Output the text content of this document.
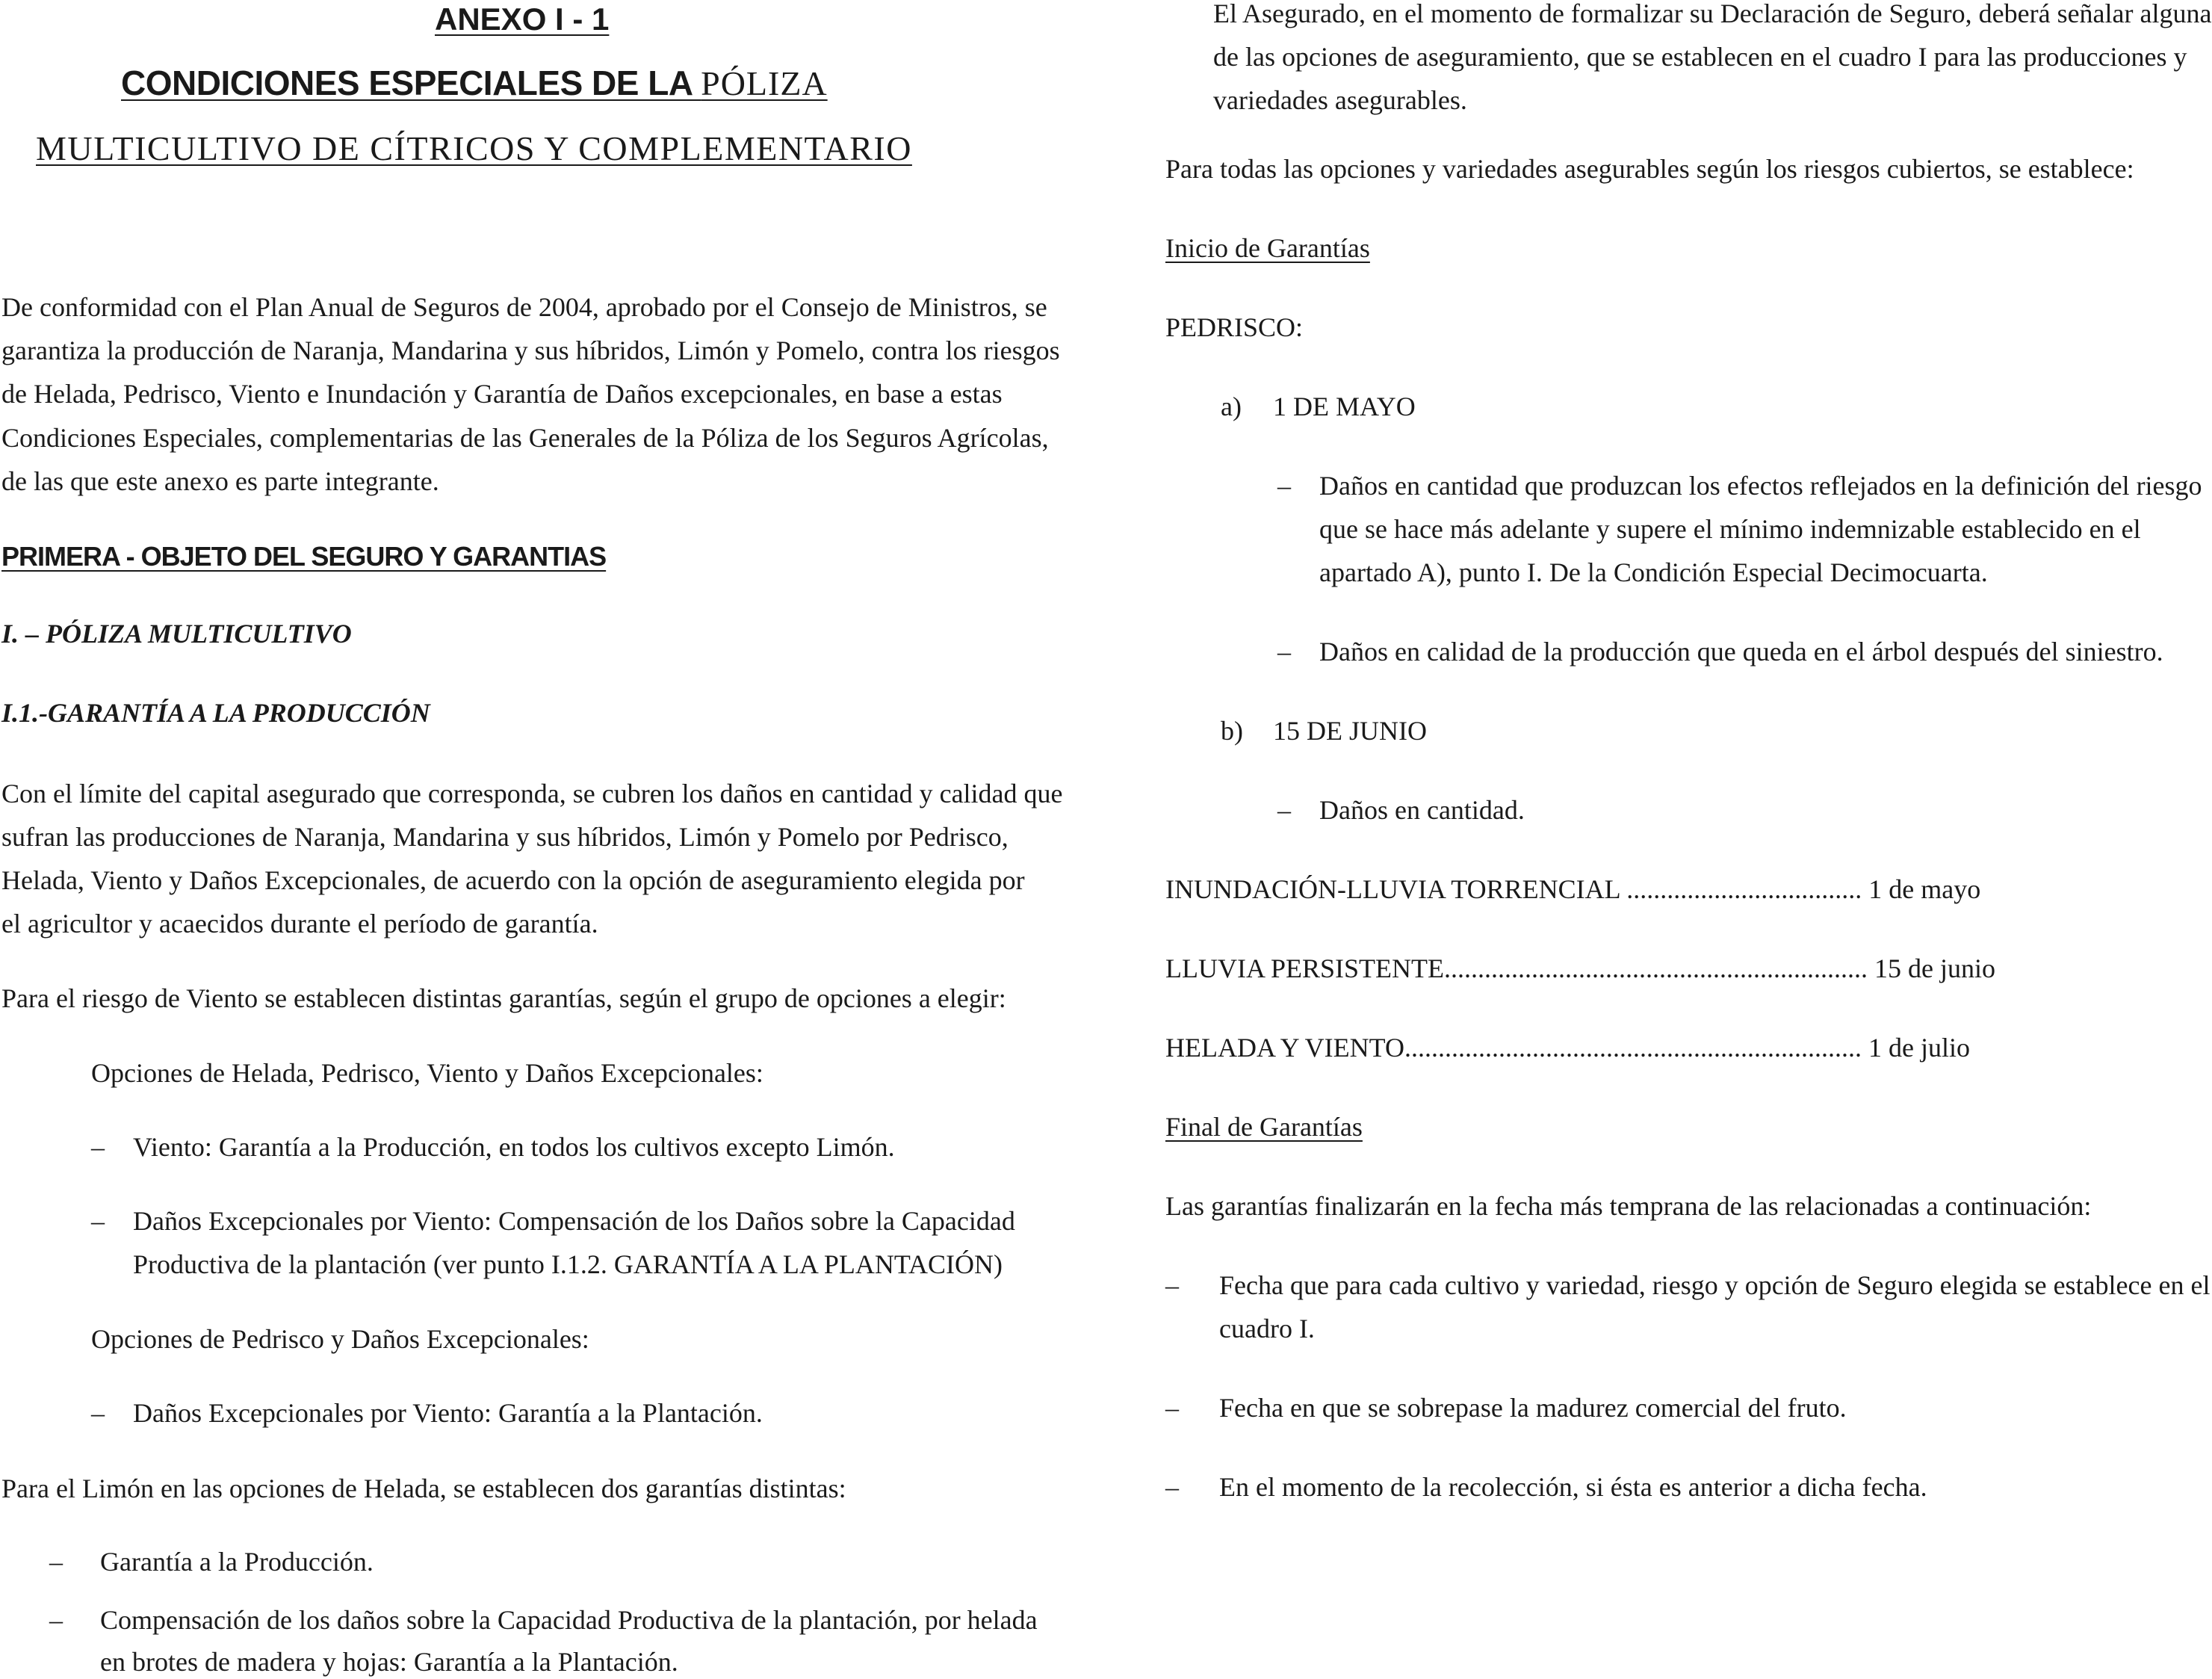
ANEXO I - 1
CONDICIONES ESPECIALES DE LA PÓLIZA
MULTICULTIVO DE CÍTRICOS Y COMPLEMENTARIO
De conformidad con el Plan Anual de Seguros de 2004, aprobado por el Consejo de Ministros, se
garantiza la producción de Naranja, Mandarina y sus híbridos, Limón y Pomelo, contra los riesgos
de Helada, Pedrisco, Viento e Inundación y Garantía de Daños excepcionales, en base a estas
Condiciones Especiales, complementarias de las Generales de la Póliza de los Seguros Agrícolas,
de las que este anexo es parte integrante.
PRIMERA - OBJETO DEL SEGURO Y GARANTIAS
I. – PÓLIZA MULTICULTIVO
I.1.-GARANTÍA A LA PRODUCCIÓN
Con el límite del capital asegurado que corresponda, se cubren los daños en cantidad y calidad que
sufran las producciones de Naranja, Mandarina y sus híbridos, Limón y Pomelo por Pedrisco,
Helada, Viento y Daños Excepcionales, de acuerdo con la opción de aseguramiento elegida por
el agricultor y acaecidos durante el período de garantía.
Para el riesgo de Viento se establecen distintas garantías, según el grupo de opciones a elegir:
Opciones de Helada, Pedrisco, Viento y Daños Excepcionales:
– Viento: Garantía a la Producción, en todos los cultivos excepto Limón.
– Daños Excepcionales por Viento: Compensación de los Daños sobre la Capacidad
Productiva de la plantación (ver punto I.1.2. GARANTÍA A LA PLANTACIÓN)
Opciones de Pedrisco y Daños Excepcionales:
– Daños Excepcionales por Viento: Garantía a la Plantación.
Para el Limón en las opciones de Helada, se establecen dos garantías distintas:
– Garantía a la Producción.
– Compensación de los daños sobre la Capacidad Productiva de la plantación, por helada
en brotes de madera y hojas: Garantía a la Plantación.
El Asegurado, en el momento de formalizar su Declaración de Seguro, deberá señalar alguna
de las opciones de aseguramiento, que se establecen en el cuadro I para las producciones y
variedades asegurables.
Para todas las opciones y variedades asegurables según los riesgos cubiertos, se establece:
Inicio de Garantías
PEDRISCO:
a) 1 DE MAYO
– Daños en cantidad que produzcan los efectos reflejados en la definición del riesgo
que se hace más adelante y supere el mínimo indemnizable establecido en el
apartado A), punto I. De la Condición Especial Decimocuarta.
– Daños en calidad de la producción que queda en el árbol después del siniestro.
b) 15 DE JUNIO
– Daños en cantidad.
INUNDACIÓN-LLUVIA TORRENCIAL ................................... 1 de mayo
LLUVIA PERSISTENTE............................................................... 15 de junio
HELADA Y VIENTO.................................................................... 1 de julio
Final de Garantías
Las garantías finalizarán en la fecha más temprana de las relacionadas a continuación:
– Fecha que para cada cultivo y variedad, riesgo y opción de Seguro elegida se establece en el
cuadro I.
– Fecha en que se sobrepase la madurez comercial del fruto.
– En el momento de la recolección, si ésta es anterior a dicha fecha.
